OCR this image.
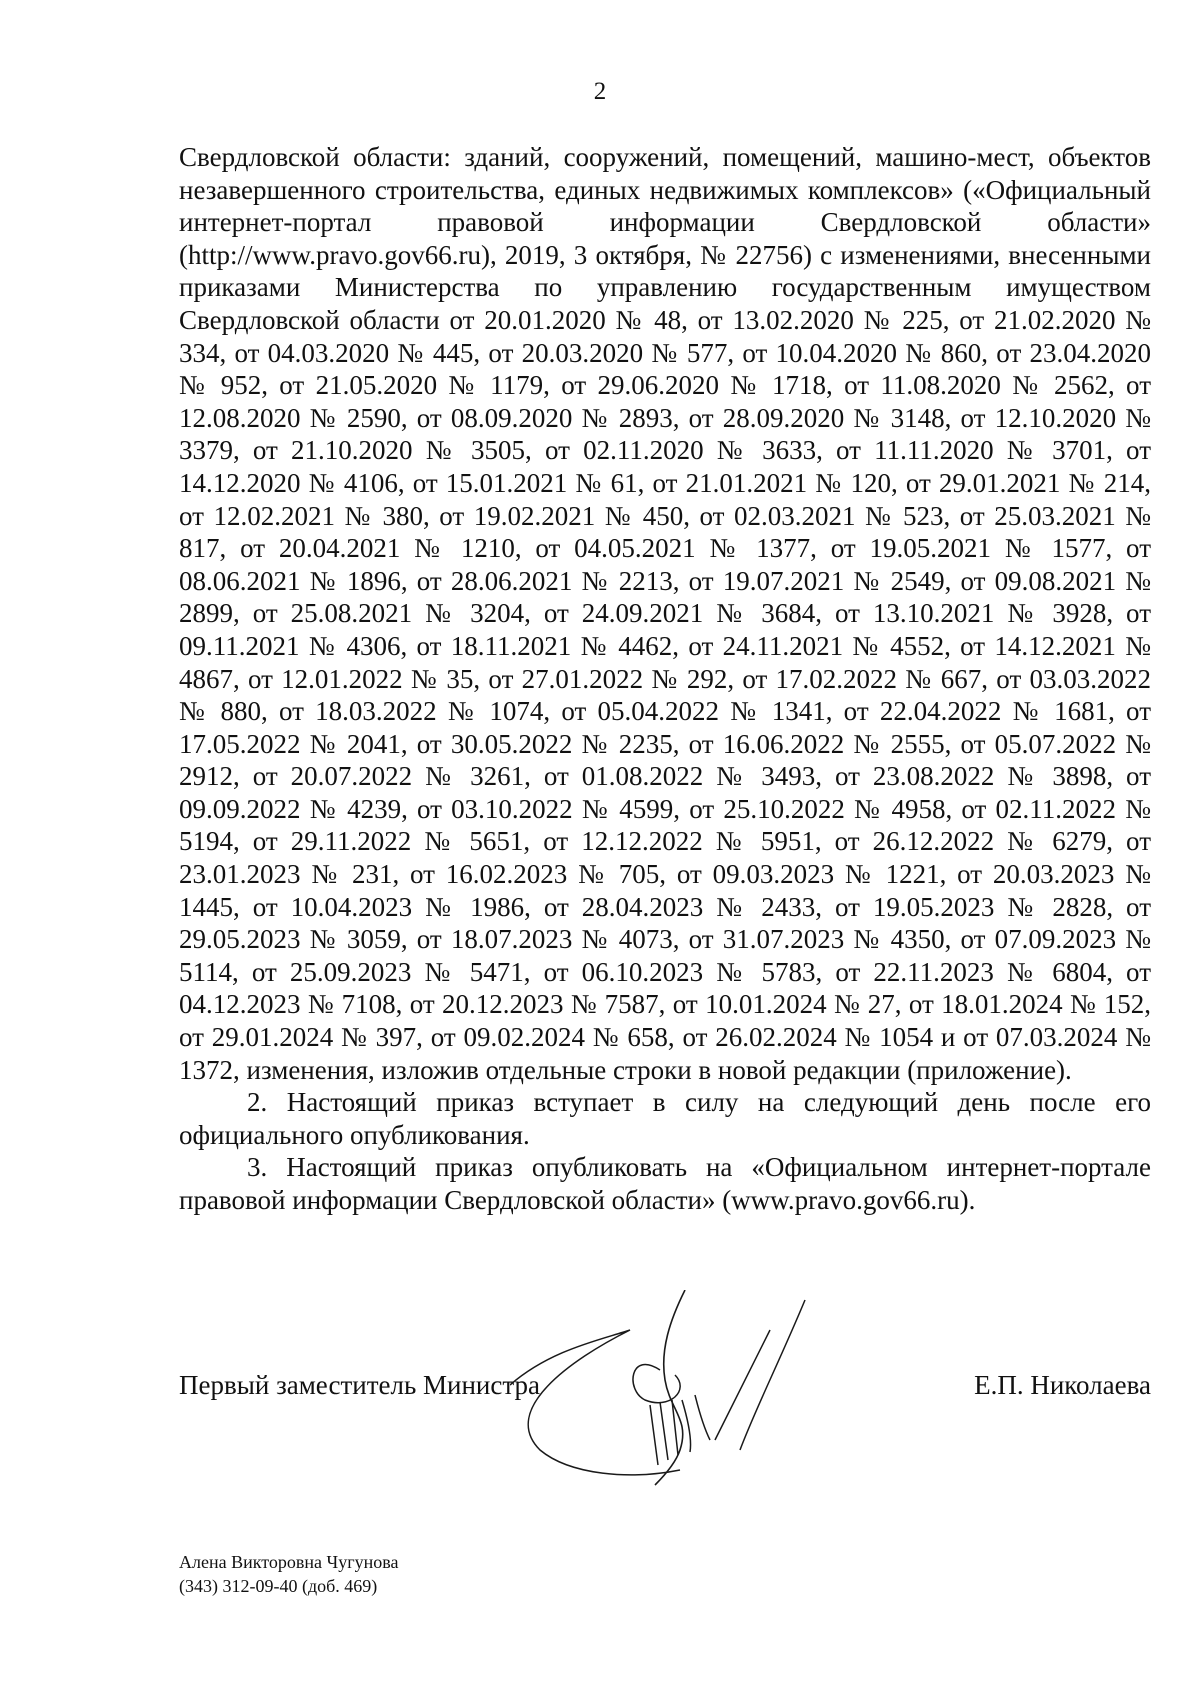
2

Свердловской области: зданий, сооружений, помещений, машино-мест, объектов незавершенного строительства, единых недвижимых комплексов» («Официальный интернет-портал правовой информации Свердловской области» (http://www.pravo.gov66.ru), 2019, 3 октября, № 22756) с изменениями, внесенными приказами Министерства по управлению государственным имуществом Свердловской области от 20.01.2020 № 48, от 13.02.2020 № 225, от 21.02.2020 № 334, от 04.03.2020 № 445, от 20.03.2020 № 577, от 10.04.2020 № 860, от 23.04.2020 № 952, от 21.05.2020 № 1179, от 29.06.2020 № 1718, от 11.08.2020 № 2562, от 12.08.2020 № 2590, от 08.09.2020 № 2893, от 28.09.2020 № 3148, от 12.10.2020 № 3379, от 21.10.2020 № 3505, от 02.11.2020 № 3633, от 11.11.2020 № 3701, от 14.12.2020 № 4106, от 15.01.2021 № 61, от 21.01.2021 № 120, от 29.01.2021 № 214, от 12.02.2021 № 380, от 19.02.2021 № 450, от 02.03.2021 № 523, от 25.03.2021 № 817, от 20.04.2021 № 1210, от 04.05.2021 № 1377, от 19.05.2021 № 1577, от 08.06.2021 № 1896, от 28.06.2021 № 2213, от 19.07.2021 № 2549, от 09.08.2021 № 2899, от 25.08.2021 № 3204, от 24.09.2021 № 3684, от 13.10.2021 № 3928, от 09.11.2021 № 4306, от 18.11.2021 № 4462, от 24.11.2021 № 4552, от 14.12.2021 № 4867, от 12.01.2022 № 35, от 27.01.2022 № 292, от 17.02.2022 № 667, от 03.03.2022 № 880, от 18.03.2022 № 1074, от 05.04.2022 № 1341, от 22.04.2022 № 1681, от 17.05.2022 № 2041, от 30.05.2022 № 2235, от 16.06.2022 № 2555, от 05.07.2022 № 2912, от 20.07.2022 № 3261, от 01.08.2022 № 3493, от 23.08.2022 № 3898, от 09.09.2022 № 4239, от 03.10.2022 № 4599, от 25.10.2022 № 4958, от 02.11.2022 № 5194, от 29.11.2022 № 5651, от 12.12.2022 № 5951, от 26.12.2022 № 6279, от 23.01.2023 № 231, от 16.02.2023 № 705, от 09.03.2023 № 1221, от 20.03.2023 № 1445, от 10.04.2023 № 1986, от 28.04.2023 № 2433, от 19.05.2023 № 2828, от 29.05.2023 № 3059, от 18.07.2023 № 4073, от 31.07.2023 № 4350, от 07.09.2023 № 5114, от 25.09.2023 № 5471, от 06.10.2023 № 5783, от 22.11.2023 № 6804, от 04.12.2023 № 7108, от 20.12.2023 № 7587, от 10.01.2024 № 27, от 18.01.2024 № 152, от 29.01.2024 № 397, от 09.02.2024 № 658, от 26.02.2024 № 1054 и от 07.03.2024 № 1372, изменения, изложив отдельные строки в новой редакции (приложение).

2. Настоящий приказ вступает в силу на следующий день после его официального опубликования.

3. Настоящий приказ опубликовать на «Официальном интернет-портале правовой информации Свердловской области» (www.pravo.gov66.ru).

Первый заместитель Министра	Е.П. Николаева
Алена Викторовна Чугунова
(343) 312-09-40 (доб. 469)
